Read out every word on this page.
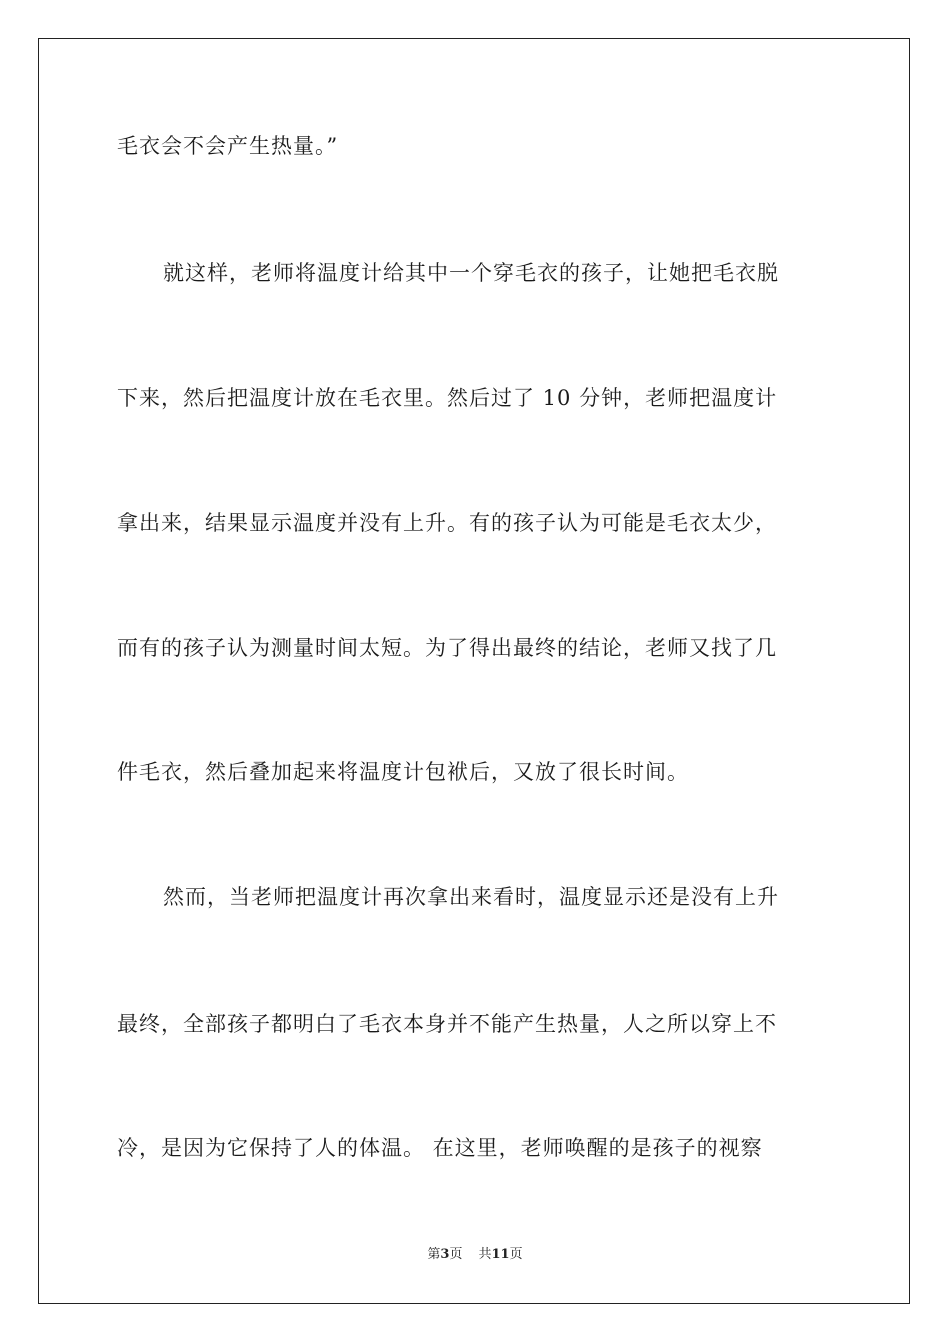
毛衣会不会产生热量。”
就这样，老师将温度计给其中一个穿毛衣的孩子，让她把毛衣脱
下来，然后把温度计放在毛衣里。然后过了 10 分钟，老师把温度计
拿出来，结果显示温度并没有上升。有的孩子认为可能是毛衣太少，
而有的孩子认为测量时间太短。为了得出最终的结论，老师又找了几
件毛衣，然后叠加起来将温度计包袱后，又放了很长时间。
然而，当老师把温度计再次拿出来看时，温度显示还是没有上升
最终，全部孩子都明白了毛衣本身并不能产生热量，人之所以穿上不
冷，是因为它保持了人的体温。 在这里，老师唤醒的是孩子的视察
第3页 共11页
